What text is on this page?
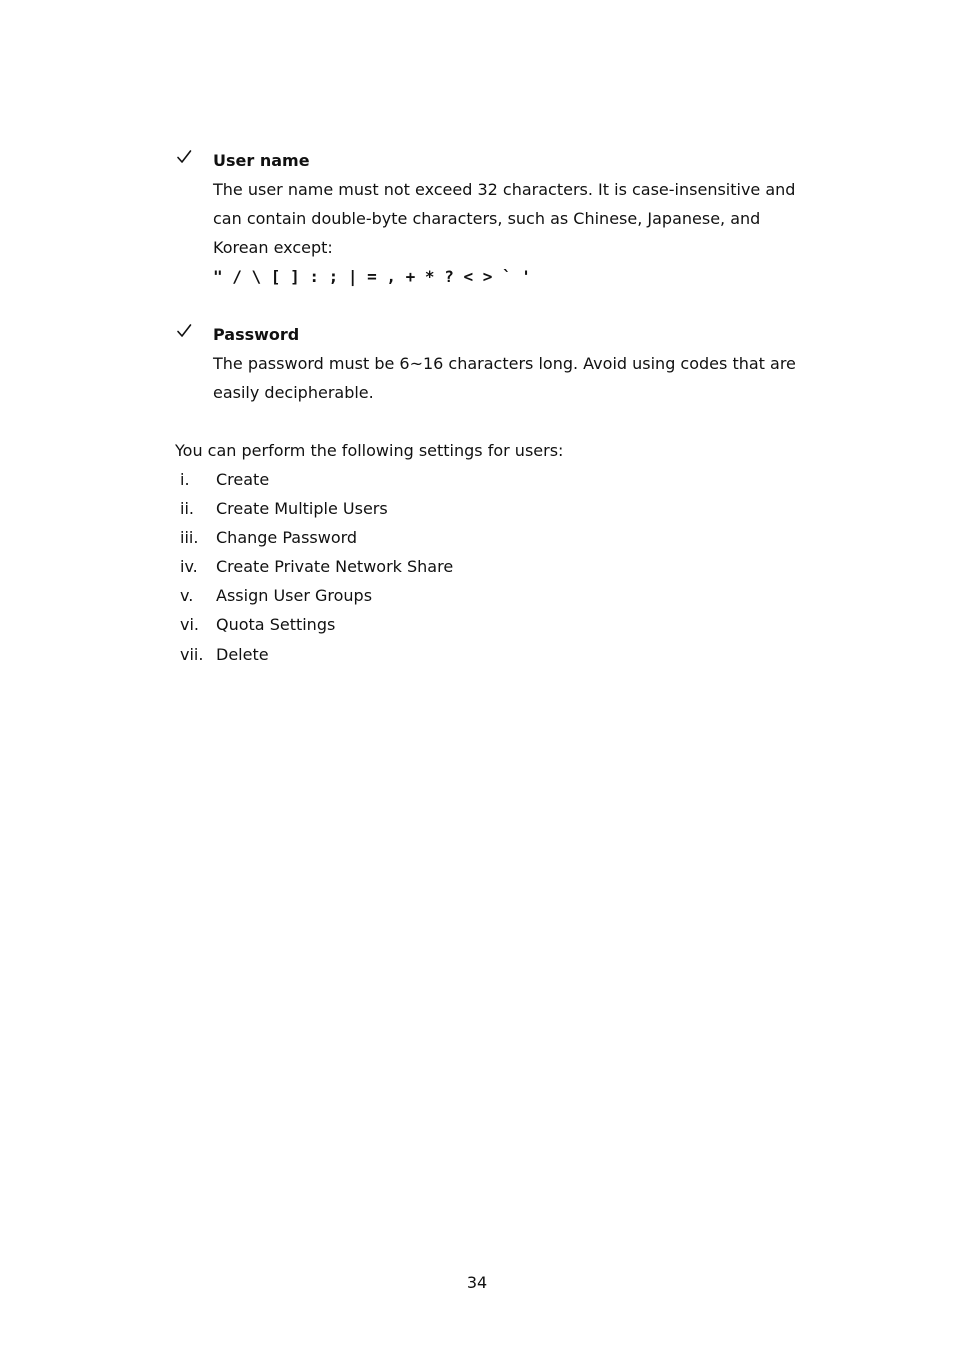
User name
The user name must not exceed 32 characters. It is case-insensitive and
can contain double-byte characters, such as Chinese, Japanese, and
Korean except:
" / \ [ ] : ; | = , + * ? < > ` '
Password
The password must be 6~16 characters long. Avoid using codes that are
easily decipherable.
You can perform the following settings for users:
i.	Create
ii.	Create Multiple Users
iii.	Change Password
iv.	Create Private Network Share
v.	Assign User Groups
vi.	Quota Settings
vii. Delete
34
